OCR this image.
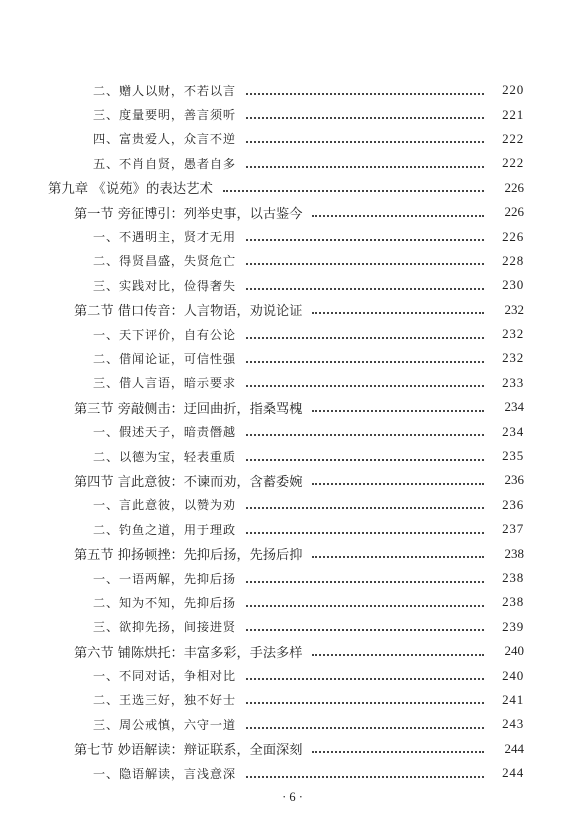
二、赠人以财，不若以言	220
三、度量要明，善言须听	221
四、富贵爱人，众言不逆	222
五、不肖自贤，愚者自多	222
第九章 《说苑》的表达艺术	226
第一节 旁征博引：列举史事，以古鉴今	226
一、不遇明主，贤才无用	226
二、得贤昌盛，失贤危亡	228
三、实践对比，俭得奢失	230
第二节 借口传音：人言物语，劝说论证	232
一、天下评价，自有公论	232
二、借闻论证，可信性强	232
三、借人言语，暗示要求	233
第三节 旁敲侧击：迂回曲折，指桑骂槐	234
一、假述天子，暗责僭越	234
二、以德为宝，轻表重质	235
第四节 言此意彼：不谏而劝，含蓄委婉	236
一、言此意彼，以赞为劝	236
二、钓鱼之道，用于理政	237
第五节 抑扬顿挫：先抑后扬，先扬后抑	238
一、一语两解，先抑后扬	238
二、知为不知，先抑后扬	238
三、欲抑先扬，间接进贤	239
第六节 铺陈烘托：丰富多彩，手法多样	240
一、不同对话，争相对比	240
二、王选三好，独不好士	241
三、周公戒慎，六守一道	243
第七节 妙语解读：辩证联系，全面深刻	244
一、隐语解读，言浅意深	244
· 6 ·
